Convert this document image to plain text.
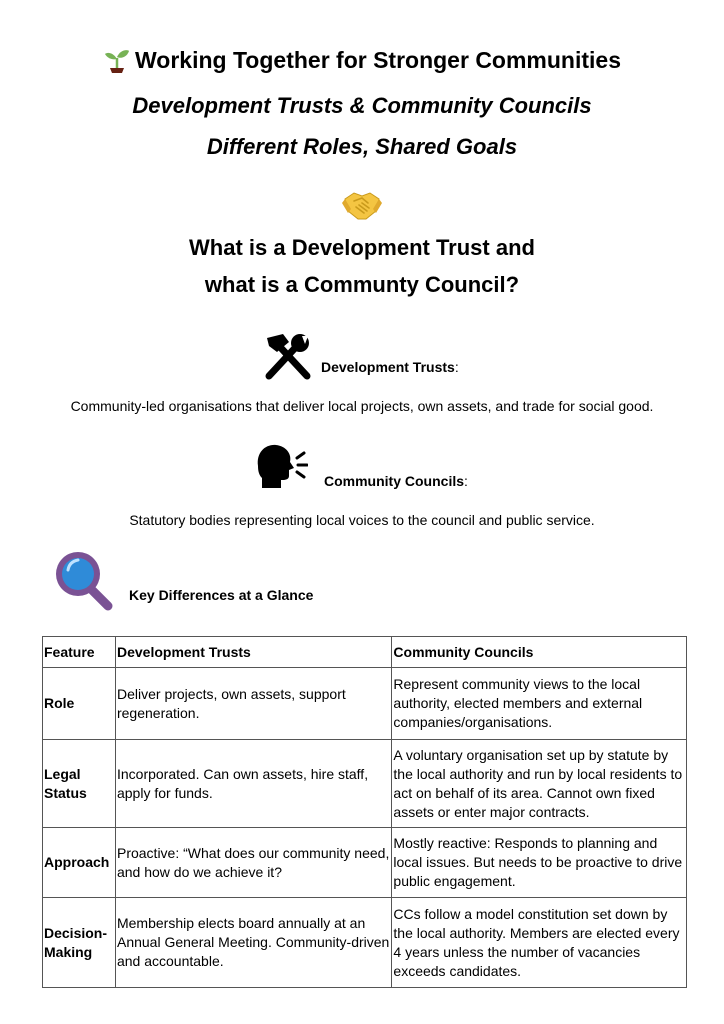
Working Together for Stronger Communities
Development Trusts & Community Councils
Different Roles, Shared Goals
What is a Development Trust and
what is a Communty Council?
Development Trusts:
Community-led organisations that deliver local projects, own assets, and trade for social good.
Community Councils:
Statutory bodies representing local voices to the council and public service.
Key Differences at a Glance
Feature	Development Trusts	Community Councils
Role	Deliver projects, own assets, support regeneration.	Represent community views to the local authority, elected members and external companies/organisations.
Legal Status	Incorporated. Can own assets, hire staff, apply for funds.	A voluntary organisation set up by statute by the local authority and run by local residents to act on behalf of its area. Cannot own fixed assets or enter major contracts.
Approach	Proactive: “What does our community need, and how do we achieve it?	Mostly reactive: Responds to planning and local issues. But needs to be proactive to drive public engagement.
Decision-Making	Membership elects board annually at an Annual General Meeting. Community-driven and accountable.	CCs follow a model constitution set down by the local authority. Members are elected every 4 years unless the number of vacancies exceeds candidates.
